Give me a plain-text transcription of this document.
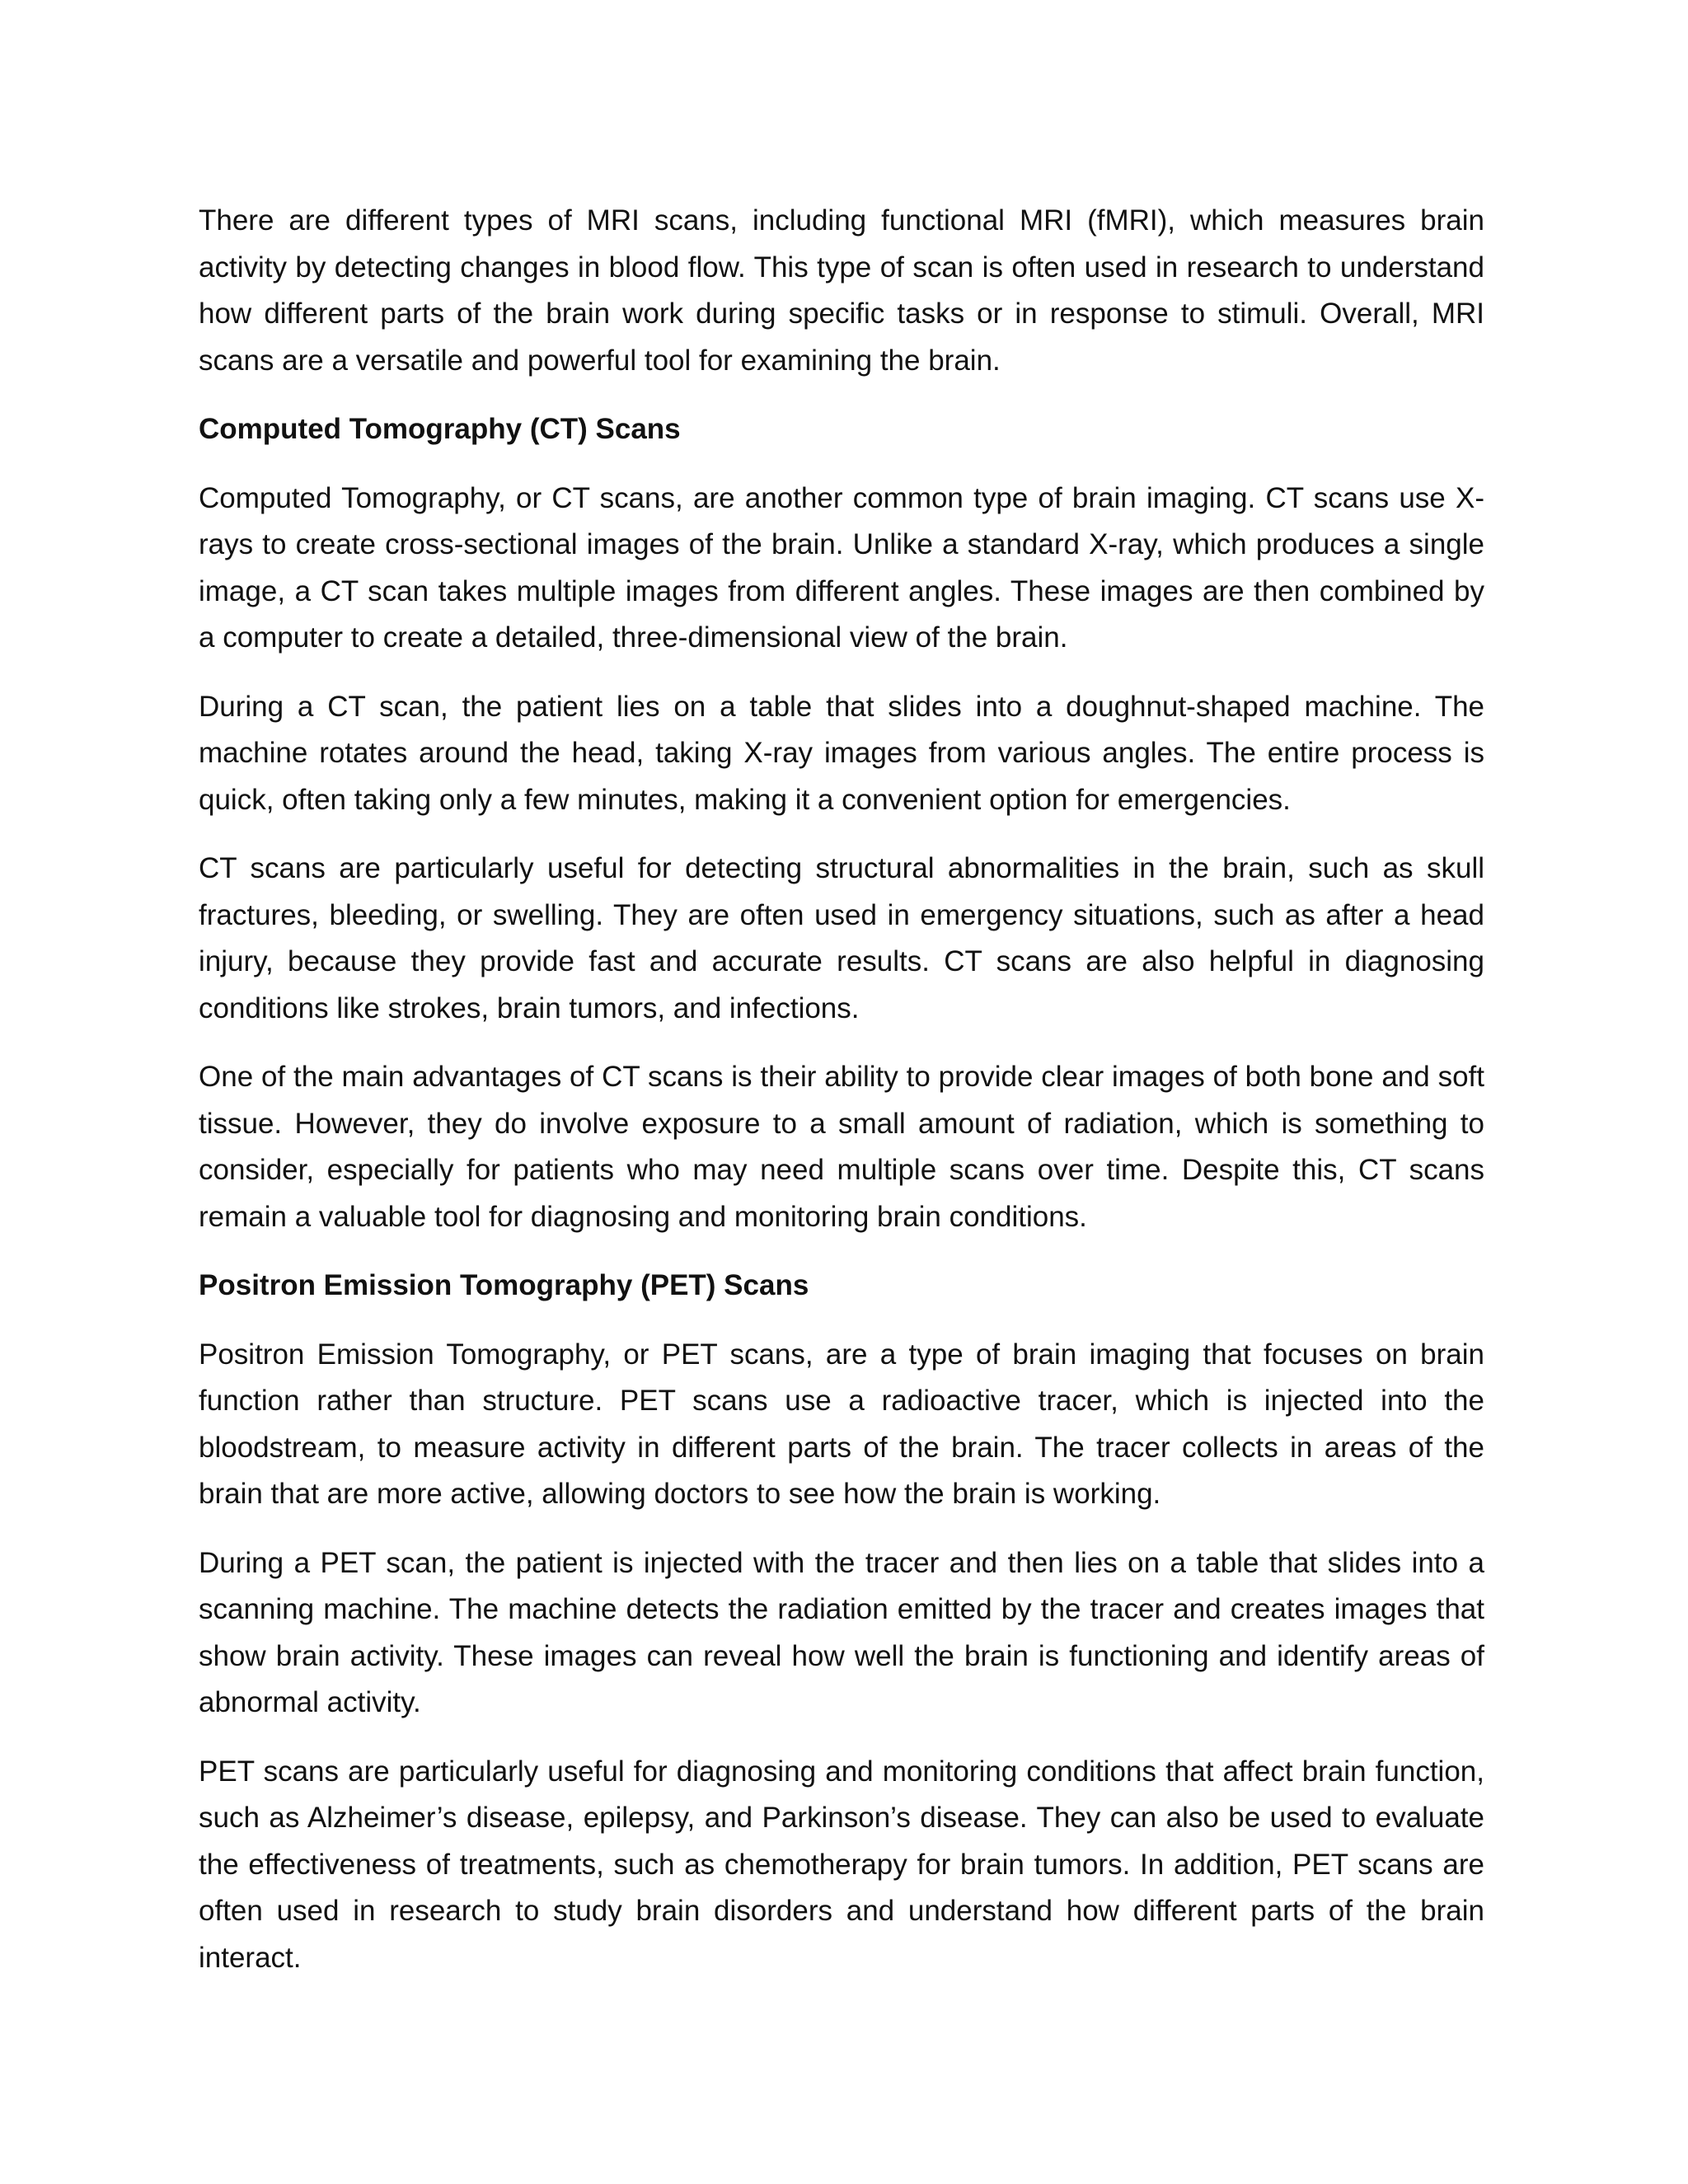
There are different types of MRI scans, including functional MRI (fMRI), which measures brain activity by detecting changes in blood flow. This type of scan is often used in research to understand how different parts of the brain work during specific tasks or in response to stimuli. Overall, MRI scans are a versatile and powerful tool for examining the brain.

Computed Tomography (CT) Scans

Computed Tomography, or CT scans, are another common type of brain imaging. CT scans use X-rays to create cross-sectional images of the brain. Unlike a standard X-ray, which produces a single image, a CT scan takes multiple images from different angles. These images are then combined by a computer to create a detailed, three-dimensional view of the brain.

During a CT scan, the patient lies on a table that slides into a doughnut-shaped machine. The machine rotates around the head, taking X-ray images from various angles. The entire process is quick, often taking only a few minutes, making it a convenient option for emergencies.

CT scans are particularly useful for detecting structural abnormalities in the brain, such as skull fractures, bleeding, or swelling. They are often used in emergency situations, such as after a head injury, because they provide fast and accurate results. CT scans are also helpful in diagnosing conditions like strokes, brain tumors, and infections.

One of the main advantages of CT scans is their ability to provide clear images of both bone and soft tissue. However, they do involve exposure to a small amount of radiation, which is something to consider, especially for patients who may need multiple scans over time. Despite this, CT scans remain a valuable tool for diagnosing and monitoring brain conditions.

Positron Emission Tomography (PET) Scans

Positron Emission Tomography, or PET scans, are a type of brain imaging that focuses on brain function rather than structure. PET scans use a radioactive tracer, which is injected into the bloodstream, to measure activity in different parts of the brain. The tracer collects in areas of the brain that are more active, allowing doctors to see how the brain is working.

During a PET scan, the patient is injected with the tracer and then lies on a table that slides into a scanning machine. The machine detects the radiation emitted by the tracer and creates images that show brain activity. These images can reveal how well the brain is functioning and identify areas of abnormal activity.

PET scans are particularly useful for diagnosing and monitoring conditions that affect brain function, such as Alzheimer’s disease, epilepsy, and Parkinson’s disease. They can also be used to evaluate the effectiveness of treatments, such as chemotherapy for brain tumors. In addition, PET scans are often used in research to study brain disorders and understand how different parts of the brain interact.
